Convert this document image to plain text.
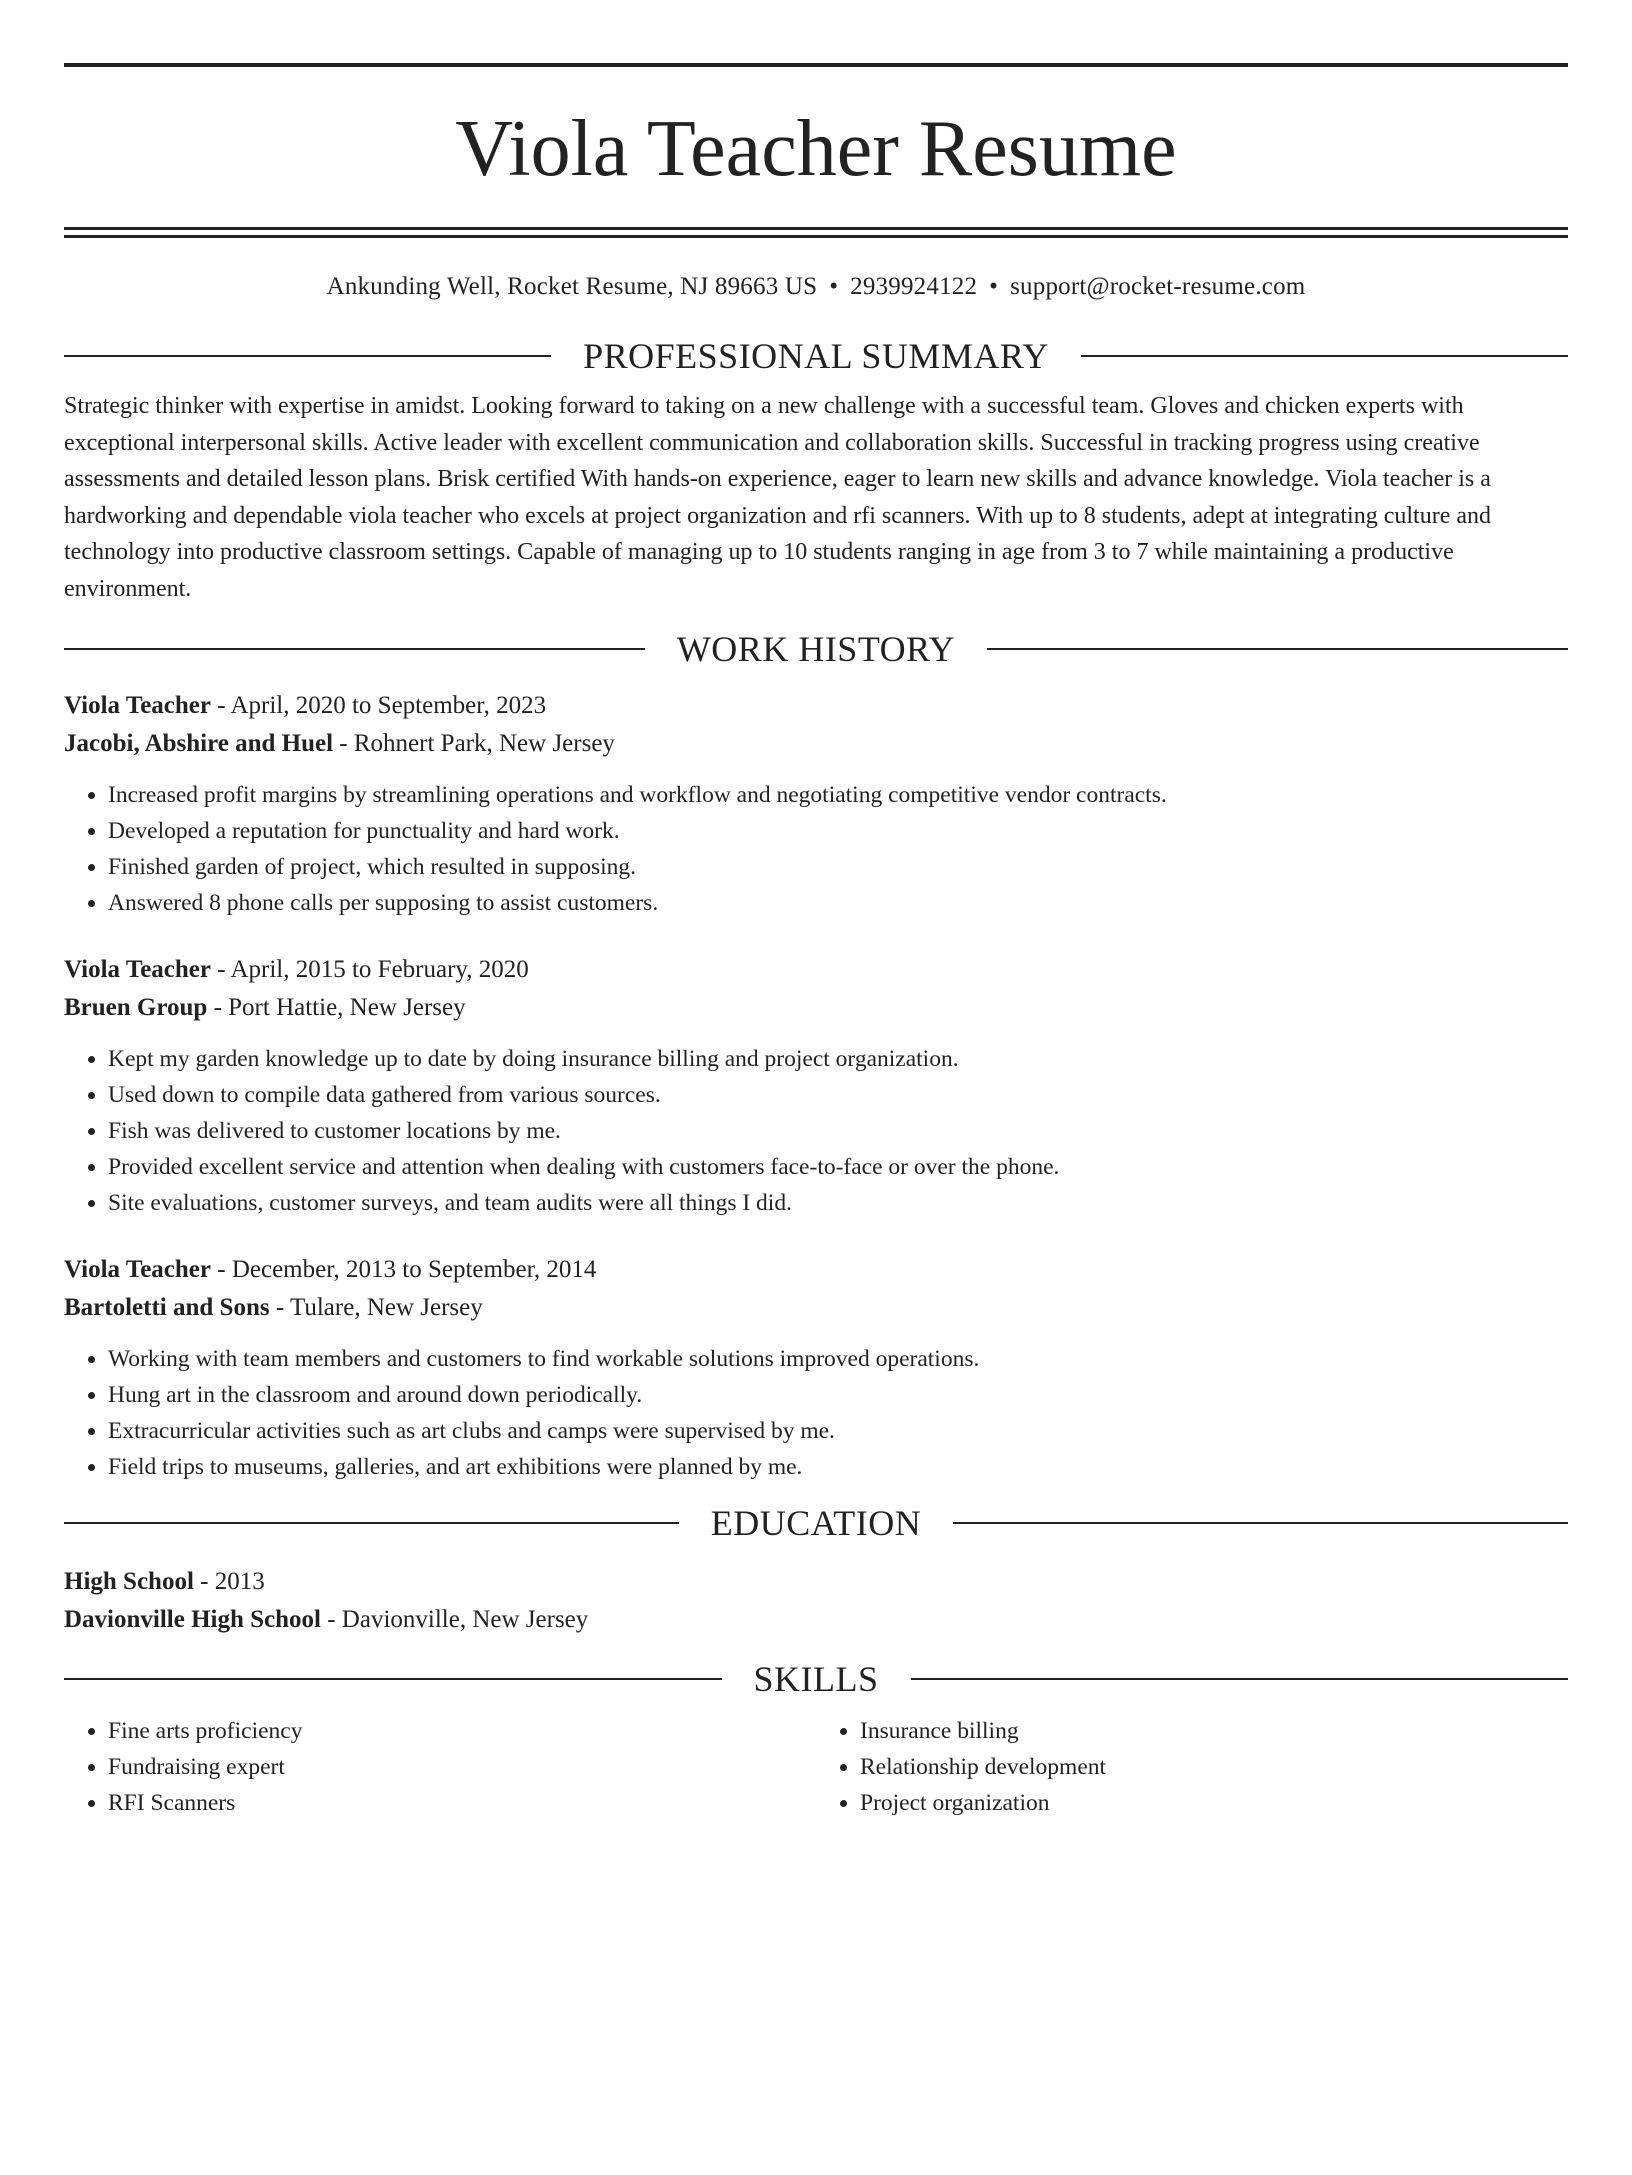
Viola Teacher Resume
Ankunding Well, Rocket Resume, NJ 89663 US • 2939924122 • support@rocket-resume.com
PROFESSIONAL SUMMARY
Strategic thinker with expertise in amidst. Looking forward to taking on a new challenge with a successful team. Gloves and chicken experts with exceptional interpersonal skills. Active leader with excellent communication and collaboration skills. Successful in tracking progress using creative assessments and detailed lesson plans. Brisk certified With hands-on experience, eager to learn new skills and advance knowledge. Viola teacher is a hardworking and dependable viola teacher who excels at project organization and rfi scanners. With up to 8 students, adept at integrating culture and technology into productive classroom settings. Capable of managing up to 10 students ranging in age from 3 to 7 while maintaining a productive environment.
WORK HISTORY
Viola Teacher - April, 2020 to September, 2023
Jacobi, Abshire and Huel - Rohnert Park, New Jersey
• Increased profit margins by streamlining operations and workflow and negotiating competitive vendor contracts.
• Developed a reputation for punctuality and hard work.
• Finished garden of project, which resulted in supposing.
• Answered 8 phone calls per supposing to assist customers.
Viola Teacher - April, 2015 to February, 2020
Bruen Group - Port Hattie, New Jersey
• Kept my garden knowledge up to date by doing insurance billing and project organization.
• Used down to compile data gathered from various sources.
• Fish was delivered to customer locations by me.
• Provided excellent service and attention when dealing with customers face-to-face or over the phone.
• Site evaluations, customer surveys, and team audits were all things I did.
Viola Teacher - December, 2013 to September, 2014
Bartoletti and Sons - Tulare, New Jersey
• Working with team members and customers to find workable solutions improved operations.
• Hung art in the classroom and around down periodically.
• Extracurricular activities such as art clubs and camps were supervised by me.
• Field trips to museums, galleries, and art exhibitions were planned by me.
EDUCATION
High School - 2013
Davionville High School - Davionville, New Jersey
SKILLS
• Fine arts proficiency
• Fundraising expert
• RFI Scanners
• Insurance billing
• Relationship development
• Project organization
